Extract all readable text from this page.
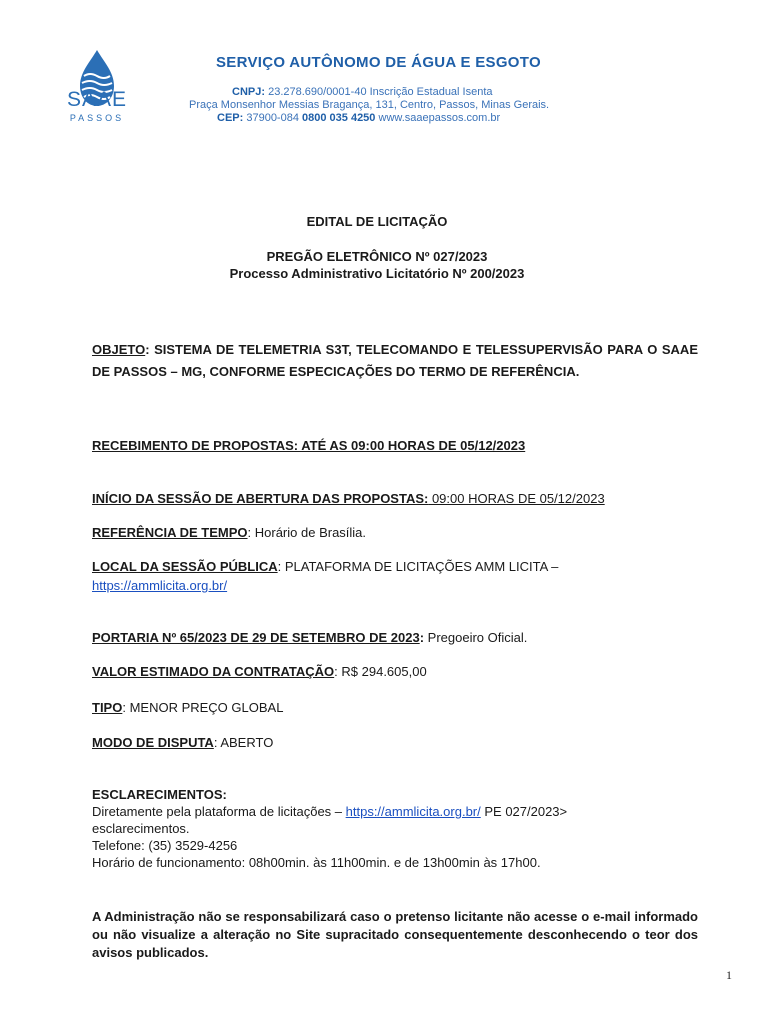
SAAE
PASSOS
SERVIÇO AUTÔNOMO DE ÁGUA E ESGOTO
CNPJ: 23.278.690/0001-40 Inscrição Estadual Isenta
Praça Monsenhor Messias Bragança, 131, Centro, Passos, Minas Gerais.
CEP: 37900-084 0800 035 4250 www.saaepassos.com.br
EDITAL DE LICITAÇÃO
PREGÃO ELETRÔNICO Nº 027/2023
Processo Administrativo Licitatório Nº 200/2023
OBJETO: SISTEMA DE TELEMETRIA S3T, TELECOMANDO E TELESSUPERVISÃO PARA O SAAE DE PASSOS – MG, CONFORME ESPECICAÇÕES DO TERMO DE REFERÊNCIA.
RECEBIMENTO DE PROPOSTAS: ATÉ AS 09:00 HORAS DE 05/12/2023
INÍCIO DA SESSÃO DE ABERTURA DAS PROPOSTAS: 09:00 HORAS DE 05/12/2023
REFERÊNCIA DE TEMPO: Horário de Brasília.
LOCAL DA SESSÃO PÚBLICA: PLATAFORMA DE LICITAÇÕES AMM LICITA –
https://ammlicita.org.br/
PORTARIA Nº 65/2023 DE 29 DE SETEMBRO DE 2023: Pregoeiro Oficial.
VALOR ESTIMADO DA CONTRATAÇÃO: R$ 294.605,00
TIPO: MENOR PREÇO GLOBAL
MODO DE DISPUTA: ABERTO
ESCLARECIMENTOS:
Diretamente pela plataforma de licitações – https://ammlicita.org.br/ PE 027/2023>
esclarecimentos.
Telefone: (35) 3529-4256
Horário de funcionamento: 08h00min. às 11h00min. e de 13h00min às 17h00.
A Administração não se responsabilizará caso o pretenso licitante não acesse o e-mail informado ou não visualize a alteração no Site supracitado consequentemente desconhecendo o teor dos avisos publicados.
1
